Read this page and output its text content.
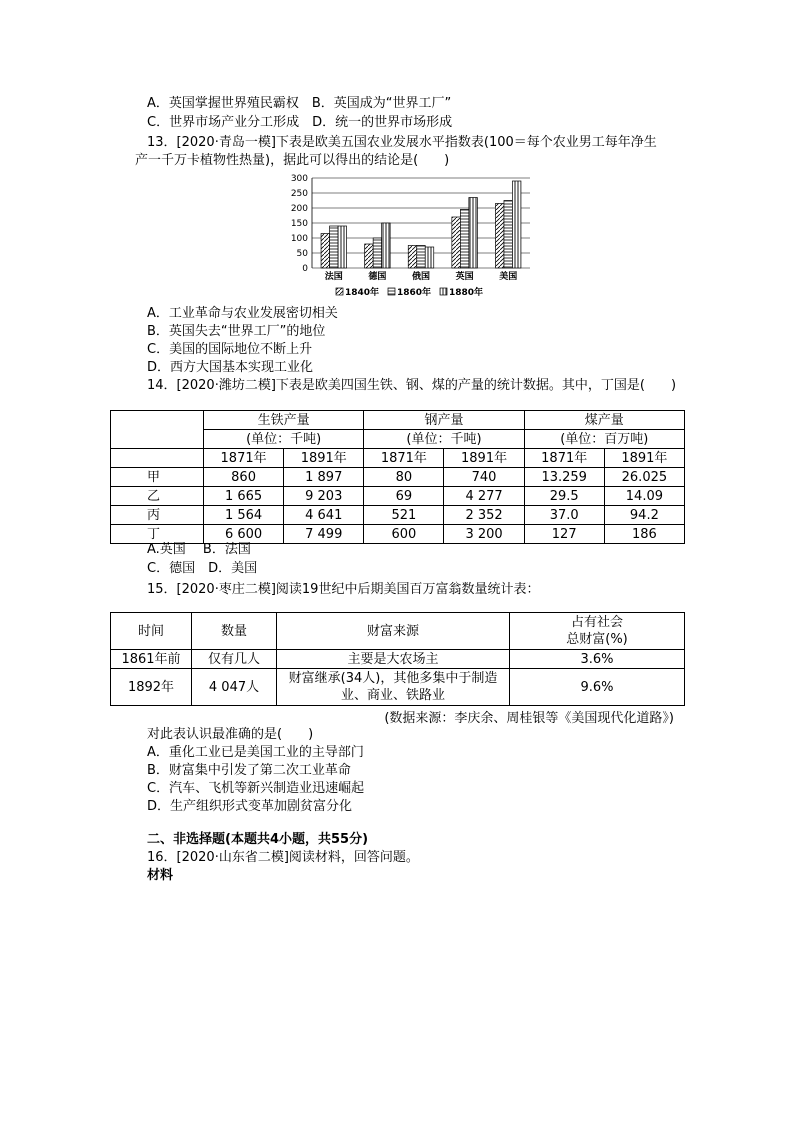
A．英国掌握世界殖民霸权　B．英国成为“世界工厂”
C．世界市场产业分工形成　D．统一的世界市场形成
13．[2020·青岛一模]下表是欧美五国农业发展水平指数表(100＝每个农业男工每年净生
产一千万卡植物性热量)，据此可以得出的结论是(　　)
0
50
100
150
200
250
300
法国	德国	俄国	英国	美国
1840年 1860年 1880年
A．工业革命与农业发展密切相关
B．英国失去“世界工厂”的地位
C．美国的国际地位不断上升
D．西方大国基本实现工业化
14．[2020·潍坊二模]下表是欧美四国生铁、钢、煤的产量的统计数据。其中，丁国是(　　)
	生铁产量		钢产量		煤产量	
	(单位：千吨)		(单位：千吨)		(单位：百万吨)	
	1871年	1891年	1871年	1891年	1871年	1891年
甲	860	1 897	80	740	13.259	26.025
乙	1 665	9 203	69	4 277	29.5	14.09
丙	1 564	4 641	521	2 352	37.0	94.2
丁	6 600	7 499	600	3 200	127	186
A.英国　 B．法国
C．德国　D．美国
15．[2020·枣庄二模]阅读19世纪中后期美国百万富翁数量统计表：
时间	数量	财富来源	占有社会
总财富(%)

1861年前	仅有几人	主要是大农场主	3.6%
1892年	4 047人	财富继承(34人)，其他多集中于制造
业、商业、铁路业	9.6%
(数据来源：李庆余、周桂银等《美国现代化道路》)
对此表认识最准确的是(　　)
A．重化工业已是美国工业的主导部门
B．财富集中引发了第二次工业革命
C．汽车、飞机等新兴制造业迅速崛起
D．生产组织形式变革加剧贫富分化
二、非选择题(本题共4小题，共55分)
16．[2020·山东省二模]阅读材料，回答问题。
材料
